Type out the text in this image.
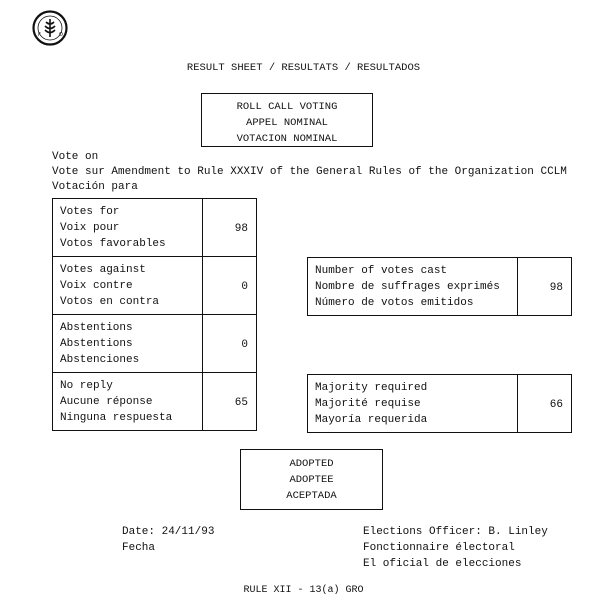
F	O
RESULT SHEET / RESULTATS / RESULTADOS
ROLL CALL VOTING
APPEL NOMINAL
VOTACION NOMINAL
Vote on
Vote sur Amendment to Rule XXXIV of the General Rules of the Organization CCLM
Votación para
Votes for
Voix pour
Votos favorables
98
Votes against
Voix contre
Votos en contra
0
Abstentions
Abstentions
Abstenciones
0
No reply
Aucune réponse
Ninguna respuesta
65
Number of votes cast
Nombre de suffrages exprimés
Número de votos emitidos
98
Majority required
Majorité requise
Mayoría requerida
66
ADOPTED
ADOPTEE
ACEPTADA
Date: 24/11/93
Fecha
Elections Officer: B. Linley
Fonctionnaire électoral
El oficial de elecciones
RULE XII - 13(a) GRO
